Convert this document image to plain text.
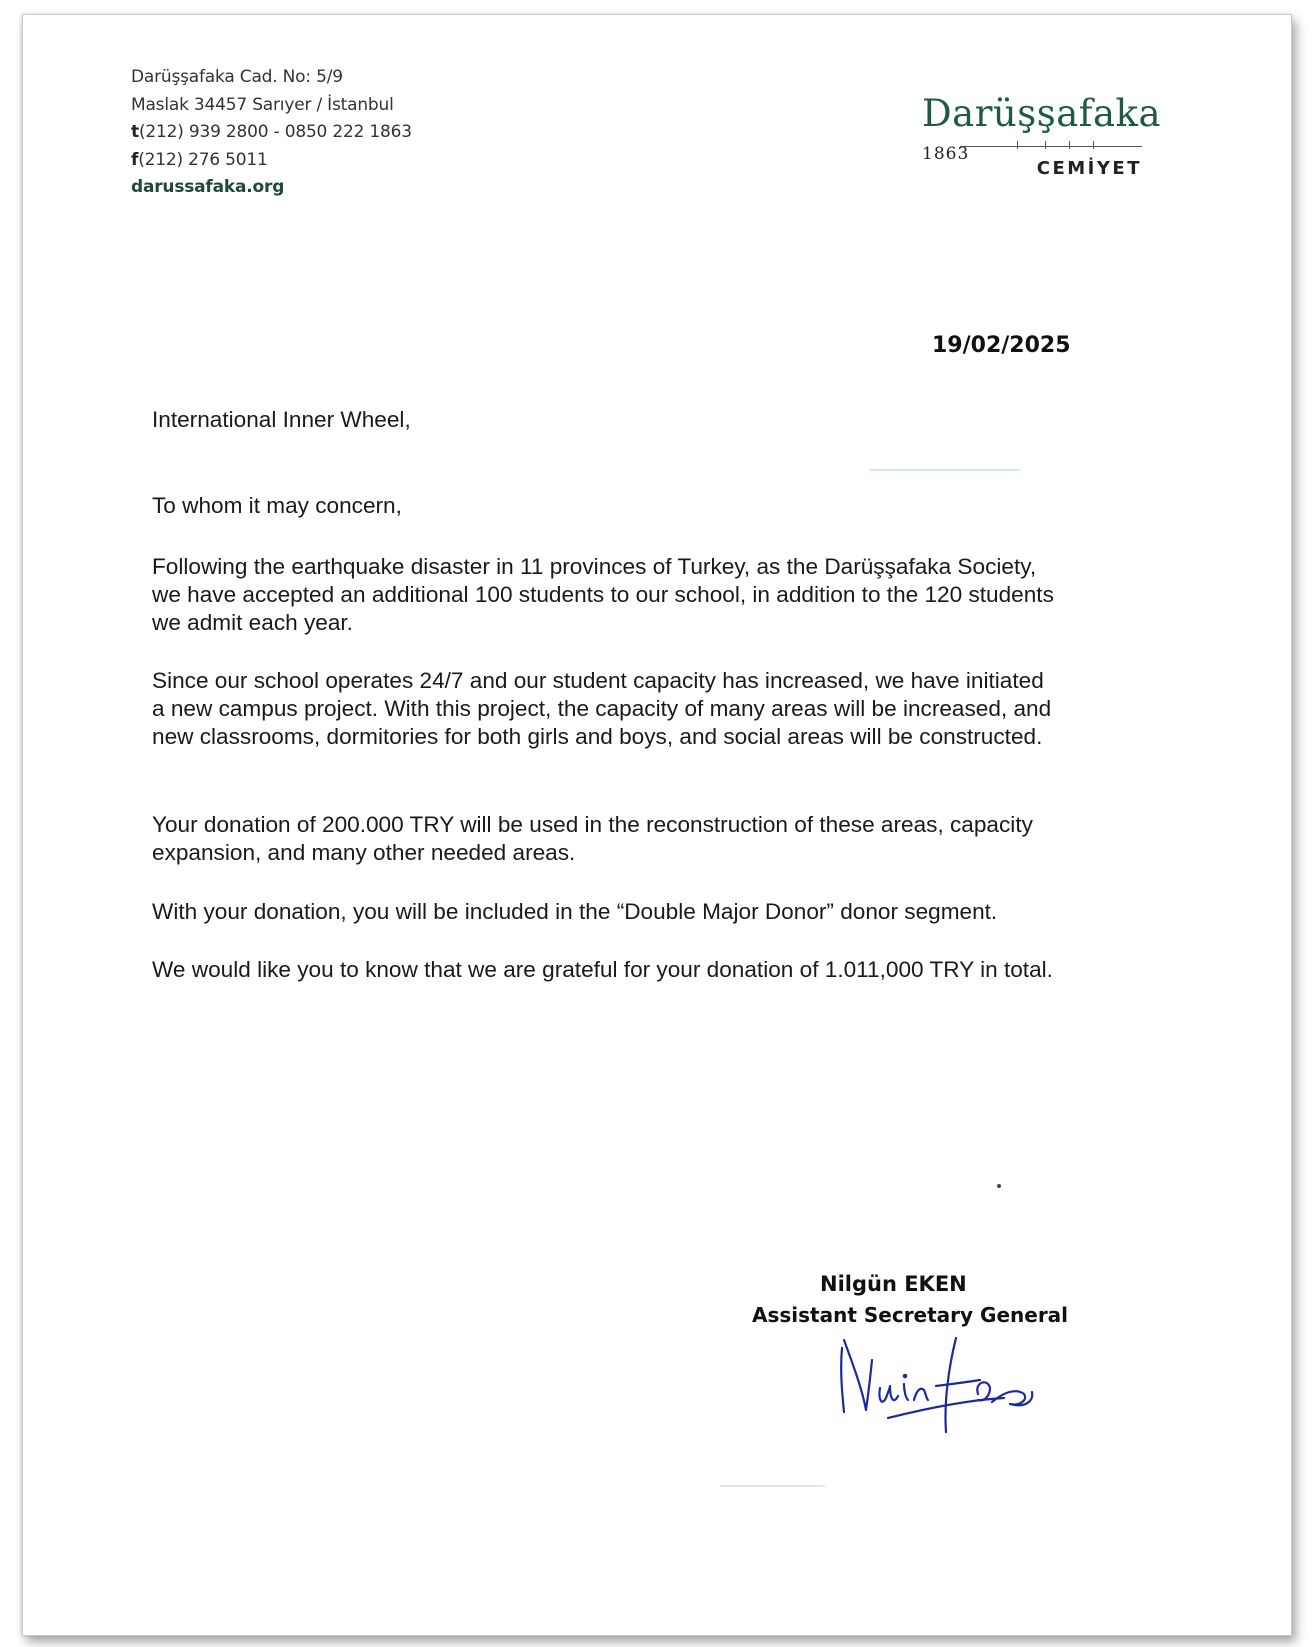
Darüşşafaka Cad. No: 5/9
Maslak 34457 Sarıyer / İstanbul
t(212) 939 2800 - 0850 222 1863
f(212) 276 5011
darussafaka.org
Darüşşafaka
1863
CEMİYET
19/02/2025
International Inner Wheel,
To whom it may concern,
Following the earthquake disaster in 11 provinces of Turkey, as the Darüşşafaka Society,
we have accepted an additional 100 students to our school, in addition to the 120 students
we admit each year.
Since our school operates 24/7 and our student capacity has increased, we have initiated
a new campus project. With this project, the capacity of many areas will be increased, and
new classrooms, dormitories for both girls and boys, and social areas will be constructed.
Your donation of 200.000 TRY will be used in the reconstruction of these areas, capacity
expansion, and many other needed areas.
With your donation, you will be included in the “Double Major Donor” donor segment.
We would like you to know that we are grateful for your donation of 1.011,000 TRY in total.
Nilgün EKEN
Assistant Secretary General
